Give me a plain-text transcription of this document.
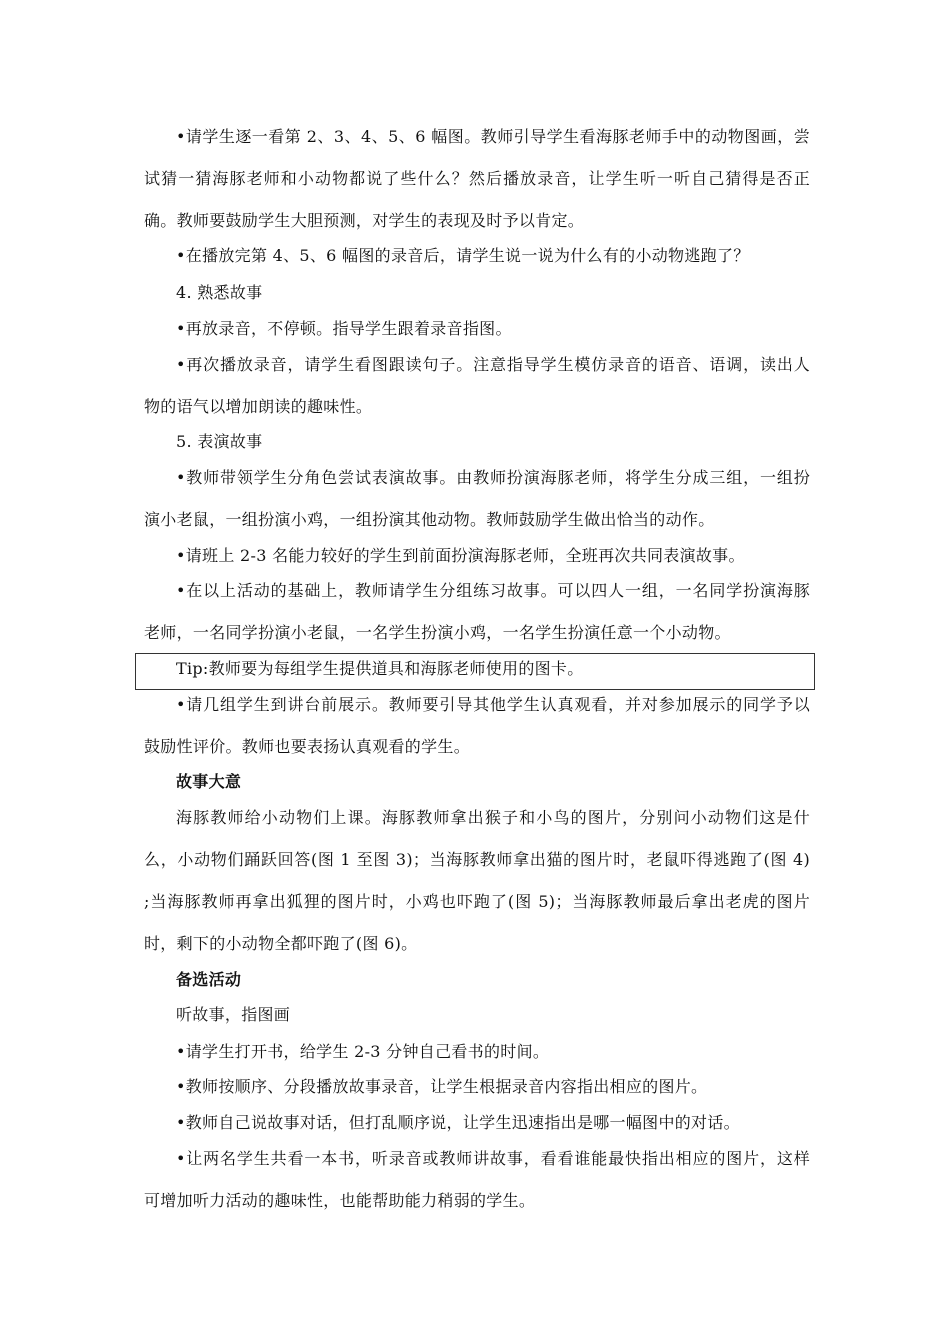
•请学生逐一看第 2、3、4、5、6 幅图。教师引导学生看海豚老师手中的动物图画，尝
试猜一猜海豚老师和小动物都说了些什么？然后播放录音，让学生听一听自己猜得是否正
确。教师要鼓励学生大胆预测，对学生的表现及时予以肯定。
•在播放完第 4、5、6 幅图的录音后，请学生说一说为什么有的小动物逃跑了？
4. 熟悉故事
•再放录音，不停顿。指导学生跟着录音指图。
•再次播放录音，请学生看图跟读句子。注意指导学生模仿录音的语音、语调，读出人
物的语气以增加朗读的趣味性。
5. 表演故事
•教师带领学生分角色尝试表演故事。由教师扮演海豚老师，将学生分成三组，一组扮
演小老鼠，一组扮演小鸡，一组扮演其他动物。教师鼓励学生做出恰当的动作。
•请班上 2-3 名能力较好的学生到前面扮演海豚老师，全班再次共同表演故事。
•在以上活动的基础上，教师请学生分组练习故事。可以四人一组，一名同学扮演海豚
老师，一名同学扮演小老鼠，一名学生扮演小鸡，一名学生扮演任意一个小动物。
Tip:教师要为每组学生提供道具和海豚老师使用的图卡。
•请几组学生到讲台前展示。教师要引导其他学生认真观看，并对参加展示的同学予以
鼓励性评价。教师也要表扬认真观看的学生。
故事大意
海豚教师给小动物们上课。海豚教师拿出猴子和小鸟的图片，分别问小动物们这是什
么，小动物们踊跃回答(图 1 至图 3)；当海豚教师拿出猫的图片时，老鼠吓得逃跑了(图 4)
;当海豚教师再拿出狐狸的图片时，小鸡也吓跑了(图 5)；当海豚教师最后拿出老虎的图片
时，剩下的小动物全都吓跑了(图 6)。
备选活动
听故事，指图画
•请学生打开书，给学生 2-3 分钟自己看书的时间。
•教师按顺序、分段播放故事录音，让学生根据录音内容指出相应的图片。
•教师自己说故事对话，但打乱顺序说，让学生迅速指出是哪一幅图中的对话。
•让两名学生共看一本书，听录音或教师讲故事，看看谁能最快指出相应的图片，这样
可增加听力活动的趣味性，也能帮助能力稍弱的学生。
